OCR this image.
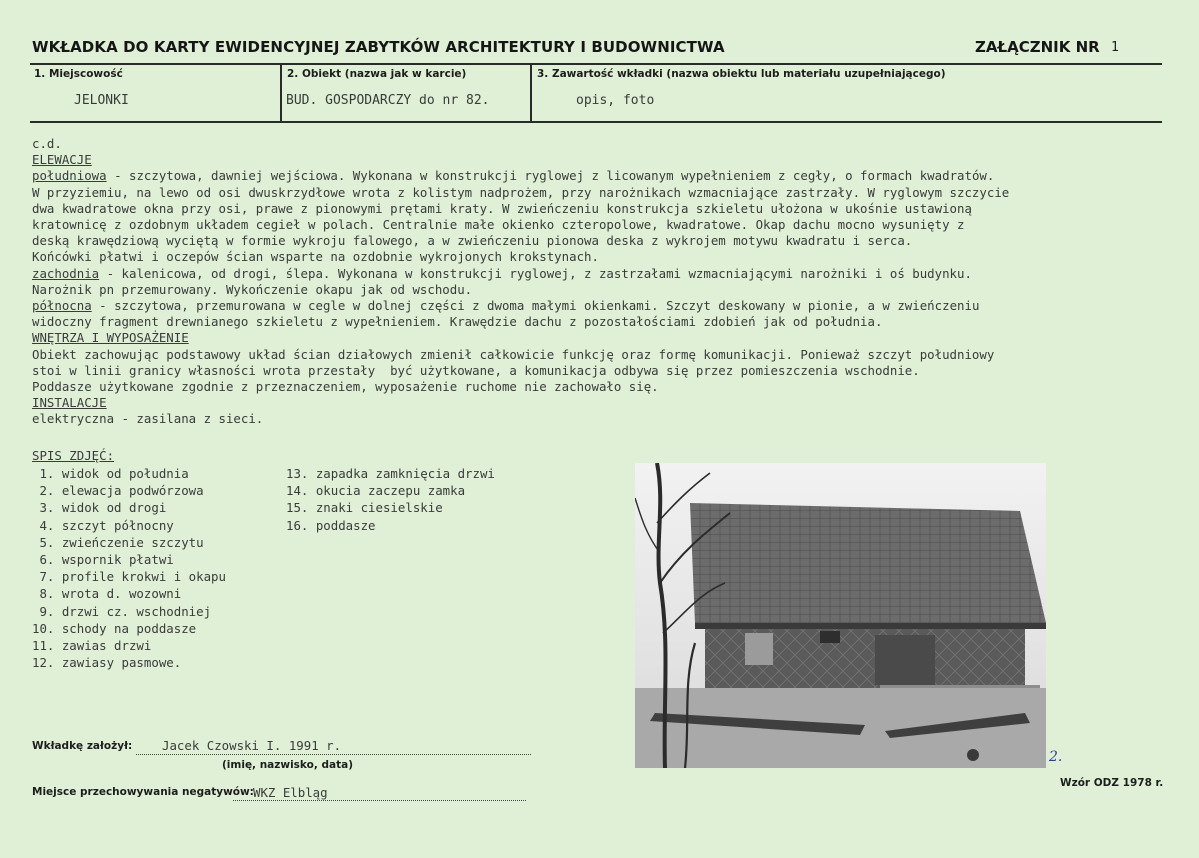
WKŁADKA DO KARTY EWIDENCYJNEJ ZABYTKÓW ARCHITEKTURY I BUDOWNICTWA	ZAŁĄCZNIK NR 1
1. Miejscowość
JELONKI
2. Obiekt (nazwa jak w karcie)
BUD. GOSPODARCZY do nr 82.
3. Zawartość wkładki (nazwa obiektu lub materiału uzupełniającego)
opis, foto
c.d.
ELEWACJE
południowa - szczytowa, dawniej wejściowa. Wykonana w konstrukcji ryglowej z licowanym wypełnieniem z cegły, o formach kwadratów.
W przyziemiu, na lewo od osi dwuskrzydłowe wrota z kolistym nadprożem, przy narożnikach wzmacniające zastrzały. W ryglowym szczycie
dwa kwadratowe okna przy osi, prawe z pionowymi prętami kraty. W zwieńczeniu konstrukcja szkieletu ułożona w ukośnie ustawioną
kratownicę z ozdobnym układem cegieł w polach. Centralnie małe okienko czteropolowe, kwadratowe. Okap dachu mocno wysunięty z
deską krawędziową wyciętą w formie wykroju falowego, a w zwieńczeniu pionowa deska z wykrojem motywu kwadratu i serca.
Końcówki płatwi i oczepów ścian wsparte na ozdobnie wykrojonych krokstynach.
zachodnia - kalenicowa, od drogi, ślepa. Wykonana w konstrukcji ryglowej, z zastrzałami wzmacniającymi narożniki i oś budynku.
Narożnik pn przemurowany. Wykończenie okapu jak od wschodu.
północna - szczytowa, przemurowana w cegle w dolnej części z dwoma małymi okienkami. Szczyt deskowany w pionie, a w zwieńczeniu
widoczny fragment drewnianego szkieletu z wypełnieniem. Krawędzie dachu z pozostałościami zdobień jak od południa.
WNĘTRZA I WYPOSAŻENIE
Obiekt zachowując podstawowy układ ścian działowych zmienił całkowicie funkcję oraz formę komunikacji. Ponieważ szczyt południowy
stoi w linii granicy własności wrota przestały  być użytkowane, a komunikacja odbywa się przez pomieszczenia wschodnie.
Poddasze użytkowane zgodnie z przeznaczeniem, wyposażenie ruchome nie zachowało się.
INSTALACJE
elektryczna - zasilana z sieci.
SPIS ZDJĘĆ:
1. widok od południa
2. elewacja podwórzowa
3. widok od drogi
4. szczyt północny
5. zwieńczenie szczytu
6. wspornik płatwi
7. profile krokwi i okapu
8. wrota d. wozowni
9. drzwi cz. wschodniej
10. schody na poddasze
11. zawias drzwi
12. zawiasy pasmowe.
13. zapadka zamknięcia drzwi
14. okucia zaczepu zamka
15. znaki ciesielskie
16. poddasze
2.
Wkładkę założył: Jacek Czowski I. 1991 r.
(imię, nazwisko, data)
Miejsce przechowywania negatywów: WKZ Elbląg
Wzór ODZ 1978 r.
